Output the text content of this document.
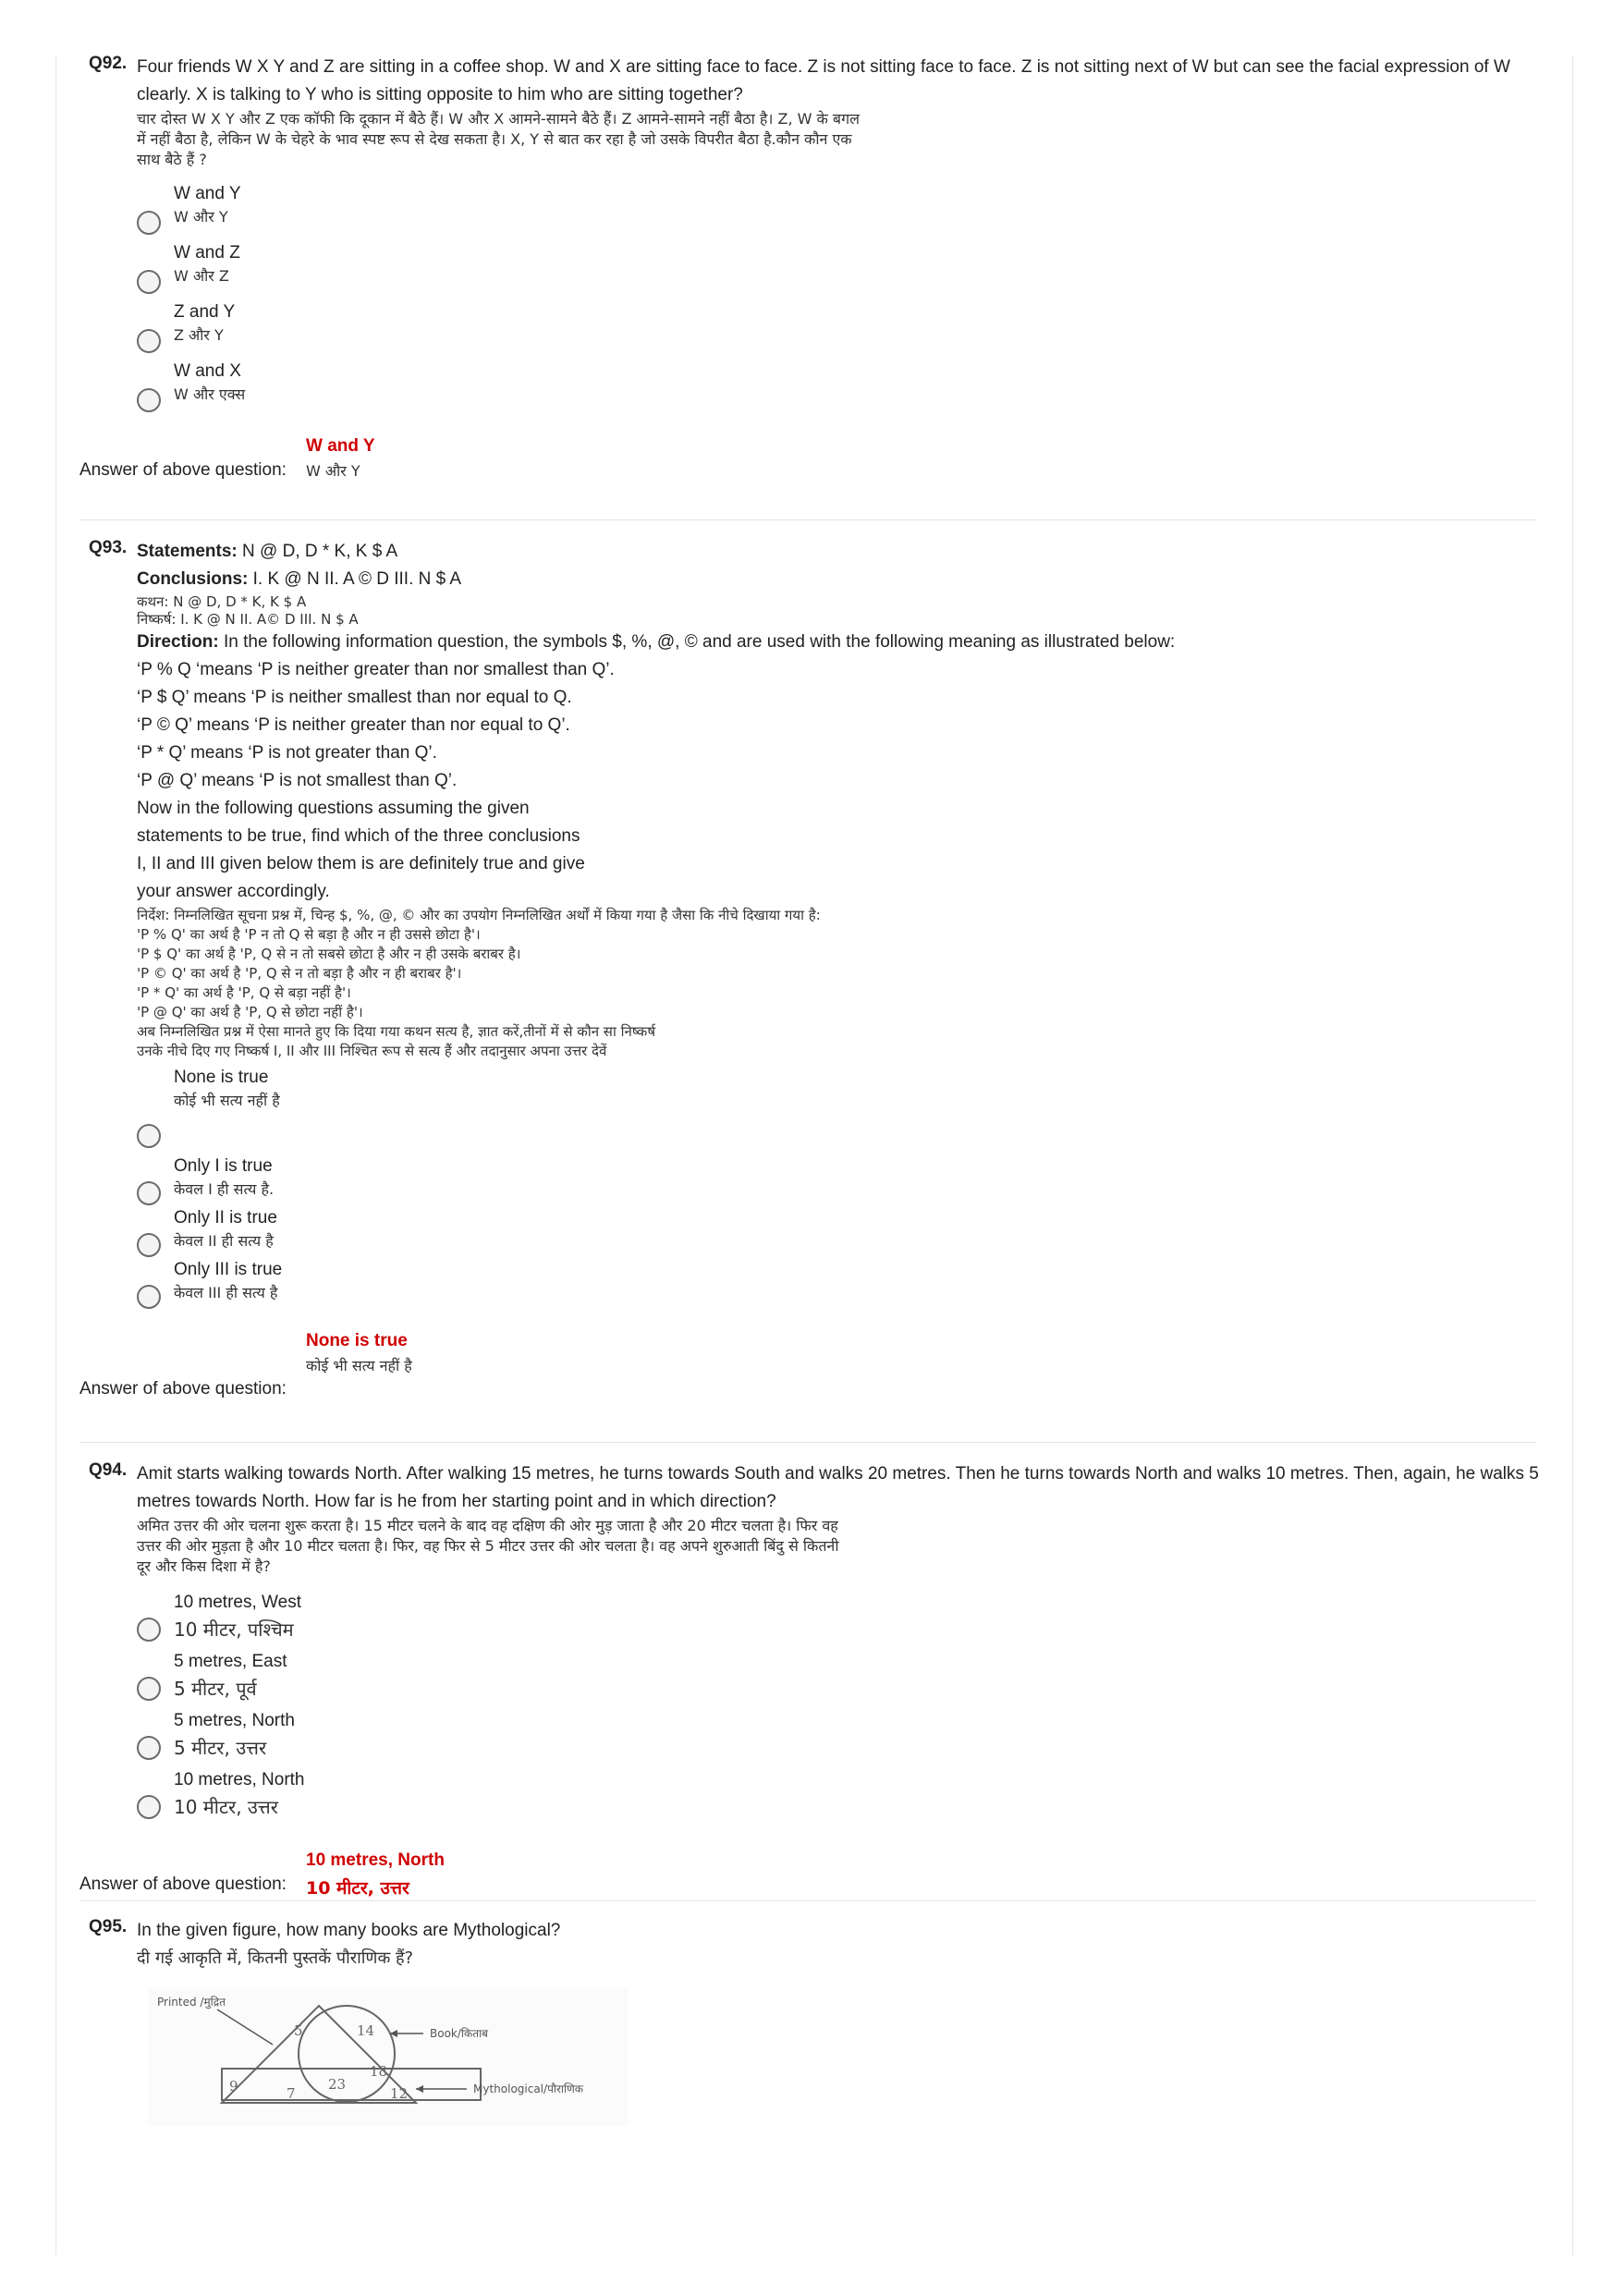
Q92. Four friends W X Y and Z are sitting in a coffee shop. W and X are sitting face to face. Z is not sitting face to face. Z is not sitting next of W but can see the facial expression of W clearly. X is talking to Y who is sitting opposite to him who are sitting together?
चार दोस्त W X Y और Z एक कॉफी कि दूकान में बैठे हैं। W और X आमने-सामने बैठे हैं। Z आमने-सामने नहीं बैठा है। Z, W के बगल
में नहीं बैठा है, लेकिन W के चेहरे के भाव स्पष्ट रूप से देख सकता है। X, Y से बात कर रहा है जो उसके विपरीत बैठा है.कौन कौन एक
साथ बैठे हैं ?
W and Y
W और Y
W and Z
W और Z
Z and Y
Z और Y
W and X
W और एक्स
Answer of above question:
W and Y
W और Y
Q93. Statements: N @ D, D * K, K $ A
Conclusions: I. K @ N II. A © D III. N $ A
कथन: N @ D, D * K, K $ A
निष्कर्ष: I. K @ N II. A© D III. N $ A
Direction: In the following information question, the symbols $, %, @, © and are used with the following meaning as illustrated below:
‘P % Q ‘means ‘P is neither greater than nor smallest than Q’.
‘P $ Q’ means ‘P is neither smallest than nor equal to Q.
‘P © Q’ means ‘P is neither greater than nor equal to Q’.
‘P * Q’ means ‘P is not greater than Q’.
‘P @ Q’ means ‘P is not smallest than Q’.
Now in the following questions assuming the given
statements to be true, find which of the three conclusions
I, II and III given below them is are definitely true and give
your answer accordingly.
निर्देश: निम्नलिखित सूचना प्रश्न में, चिन्ह $, %, @, © और का उपयोग निम्नलिखित अर्थों में किया गया है जैसा कि नीचे दिखाया गया है:
'P % Q' का अर्थ है 'P न तो Q से बड़ा है और न ही उससे छोटा है'।
'P $ Q' का अर्थ है 'P, Q से न तो सबसे छोटा है और न ही उसके बराबर है।
'P © Q' का अर्थ है 'P, Q से न तो बड़ा है और न ही बराबर है'।
'P * Q' का अर्थ है 'P, Q से बड़ा नहीं है'।
'P @ Q' का अर्थ है 'P, Q से छोटा नहीं है'।
अब निम्नलिखित प्रश्न में ऐसा मानते हुए कि दिया गया कथन सत्य है, ज्ञात करें,तीनों में से कौन सा निष्कर्ष
उनके नीचे दिए गए निष्कर्ष I, II और III निश्चित रूप से सत्य हैं और तदानुसार अपना उत्तर देवें
None is true
कोई भी सत्य नहीं है
Only I is true
केवल I ही सत्य है.
Only II is true
केवल II ही सत्य है
Only III is true
केवल III ही सत्य है
Answer of above question:
None is true
कोई भी सत्य नहीं है
Q94. Amit starts walking towards North. After walking 15 metres, he turns towards South and walks 20 metres. Then he turns towards North and walks 10 metres. Then, again, he walks 5 metres towards North. How far is he from her starting point and in which direction?
अमित उत्तर की ओर चलना शुरू करता है। 15 मीटर चलने के बाद वह दक्षिण की ओर मुड़ जाता है और 20 मीटर चलता है। फिर वह
उत्तर की ओर मुड़ता है और 10 मीटर चलता है। फिर, वह फिर से 5 मीटर उत्तर की ओर चलता है। वह अपने शुरुआती बिंदु से कितनी
दूर और किस दिशा में है?
10 metres, West
10 मीटर, पश्चिम
5 metres, East
5 मीटर, पूर्व
5 metres, North
5 मीटर, उत्तर
10 metres, North
10 मीटर, उत्तर
Answer of above question:
10 metres, North
10 मीटर, उत्तर
Q95. In the given figure, how many books are Mythological?
दी गई आकृति में, कितनी पुस्तकें पौराणिक हैं?
Printed /मुद्रित
5	14
9	7
23
18
12
Book/किताब
Mythological/पौराणिक
